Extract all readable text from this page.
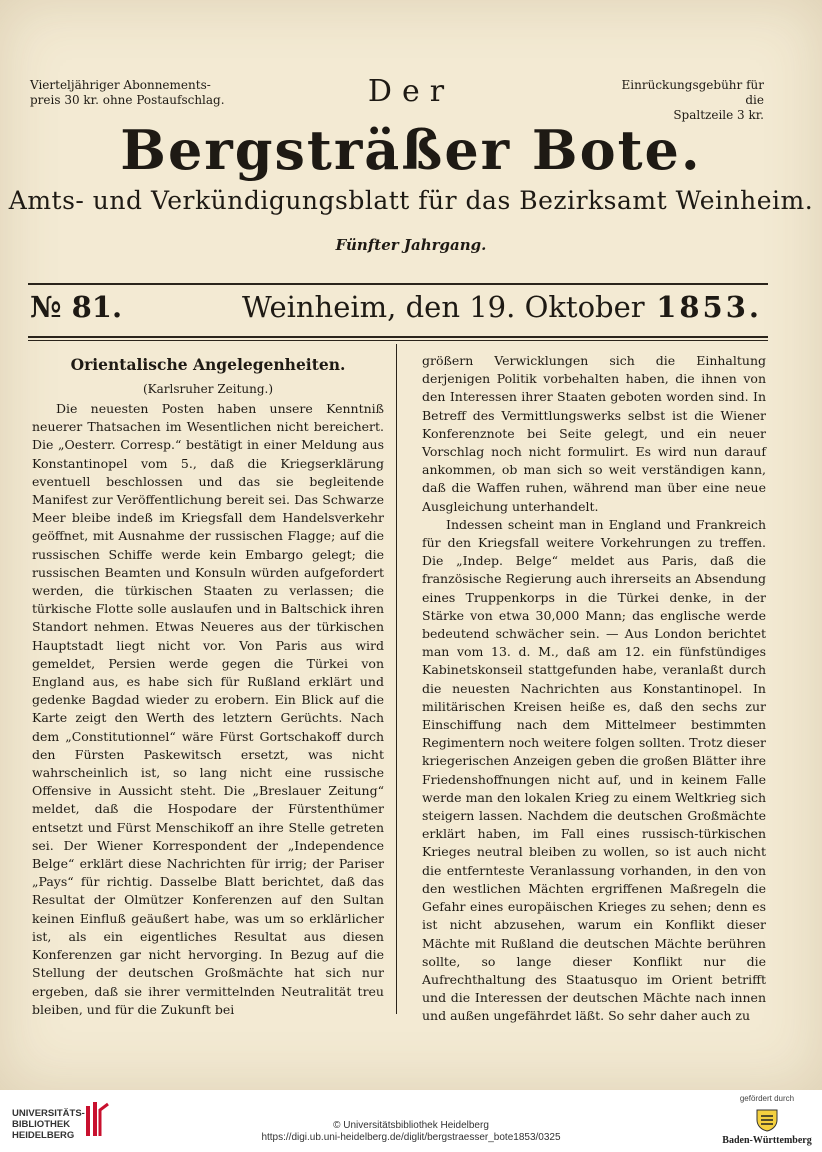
Vierteljähriger Abonnements-
preis 30 kr. ohne Postaufschlag.	Der	Einrückungsgebühr für die
Spaltzeile 3 kr.
Bergsträßer Bote.
Amts- und Verkündigungsblatt für das Bezirksamt Weinheim.
Fünfter Jahrgang.
№ 81.	Weinheim, den 19. Oktober 1853.
Orientalische Angelegenheiten.
(Karlsruher Zeitung.)

Die neuesten Posten haben unsere Kenntniß neuerer Thatsachen im Wesentlichen nicht bereichert. Die „Oesterr. Corresp.“ bestätigt in einer Meldung aus Konstantinopel vom 5., daß die Kriegserklärung eventuell beschlossen und das sie begleitende Manifest zur Veröffentlichung bereit sei. Das Schwarze Meer bleibe indeß im Kriegsfall dem Handelsverkehr geöffnet, mit Ausnahme der russischen Flagge; auf die russischen Schiffe werde kein Embargo gelegt; die russischen Beamten und Konsuln würden aufgefordert werden, die türkischen Staaten zu verlassen; die türkische Flotte solle auslaufen und in Baltschick ihren Standort nehmen. Etwas Neueres aus der türkischen Hauptstadt liegt nicht vor. Von Paris aus wird gemeldet, Persien werde gegen die Türkei von England aus, es habe sich für Rußland erklärt und gedenke Bagdad wieder zu erobern. Ein Blick auf die Karte zeigt den Werth des letztern Gerüchts. Nach dem „Constitutionnel“ wäre Fürst Gortschakoff durch den Fürsten Paskewitsch ersetzt, was nicht wahrscheinlich ist, so lang nicht eine russische Offensive in Aussicht steht. Die „Breslauer Zeitung“ meldet, daß die Hospodare der Fürstenthümer entsetzt und Fürst Menschikoff an ihre Stelle getreten sei. Der Wiener Korrespondent der „Independence Belge“ erklärt diese Nachrichten für irrig; der Pariser „Pays“ für richtig. Dasselbe Blatt berichtet, daß das Resultat der Olmützer Konferenzen auf den Sultan keinen Einfluß geäußert habe, was um so erklärlicher ist, als ein eigentliches Resultat aus diesen Konferenzen gar nicht hervorging. In Bezug auf die Stellung der deutschen Großmächte hat sich nur ergeben, daß sie ihrer vermittelnden Neutralität treu bleiben, und für die Zukunft bei

größern Verwicklungen sich die Einhaltung derjenigen Politik vorbehalten haben, die ihnen von den Interessen ihrer Staaten geboten worden sind. In Betreff des Vermittlungswerks selbst ist die Wiener Konferenznote bei Seite gelegt, und ein neuer Vorschlag noch nicht formulirt. Es wird nun darauf ankommen, ob man sich so weit verständigen kann, daß die Waffen ruhen, während man über eine neue Ausgleichung unterhandelt.

Indessen scheint man in England und Frankreich für den Kriegsfall weitere Vorkehrungen zu treffen. Die „Indep. Belge“ meldet aus Paris, daß die französische Regierung auch ihrerseits an Absendung eines Truppenkorps in die Türkei denke, in der Stärke von etwa 30,000 Mann; das englische werde bedeutend schwächer sein. — Aus London berichtet man vom 13. d. M., daß am 12. ein fünfstündiges Kabinetskonseil stattgefunden habe, veranlaßt durch die neuesten Nachrichten aus Konstantinopel. In militärischen Kreisen heiße es, daß den sechs zur Einschiffung nach dem Mittelmeer bestimmten Regimentern noch weitere folgen sollten. Trotz dieser kriegerischen Anzeigen geben die großen Blätter ihre Friedenshoffnungen nicht auf, und in keinem Falle werde man den lokalen Krieg zu einem Weltkrieg sich steigern lassen. Nachdem die deutschen Großmächte erklärt haben, im Fall eines russisch-türkischen Krieges neutral bleiben zu wollen, so ist auch nicht die entfernteste Veranlassung vorhanden, in den von den westlichen Mächten ergriffenen Maßregeln die Gefahr eines europäischen Krieges zu sehen; denn es ist nicht abzusehen, warum ein Konflikt dieser Mächte mit Rußland die deutschen Mächte berühren sollte, so lange dieser Konflikt nur die Aufrechthaltung des Staatusquo im Orient betrifft und die Interessen der deutschen Mächte nach innen und außen ungefährdet läßt. So sehr daher auch zu

UNIVERSITÄTS-
BIBLIOTHEK
HEIDELBERG
© Universitätsbibliothek Heidelberg
https://digi.ub.uni-heidelberg.de/diglit/bergstraesser_bote1853/0325
gefördert durch
Baden-Württemberg
